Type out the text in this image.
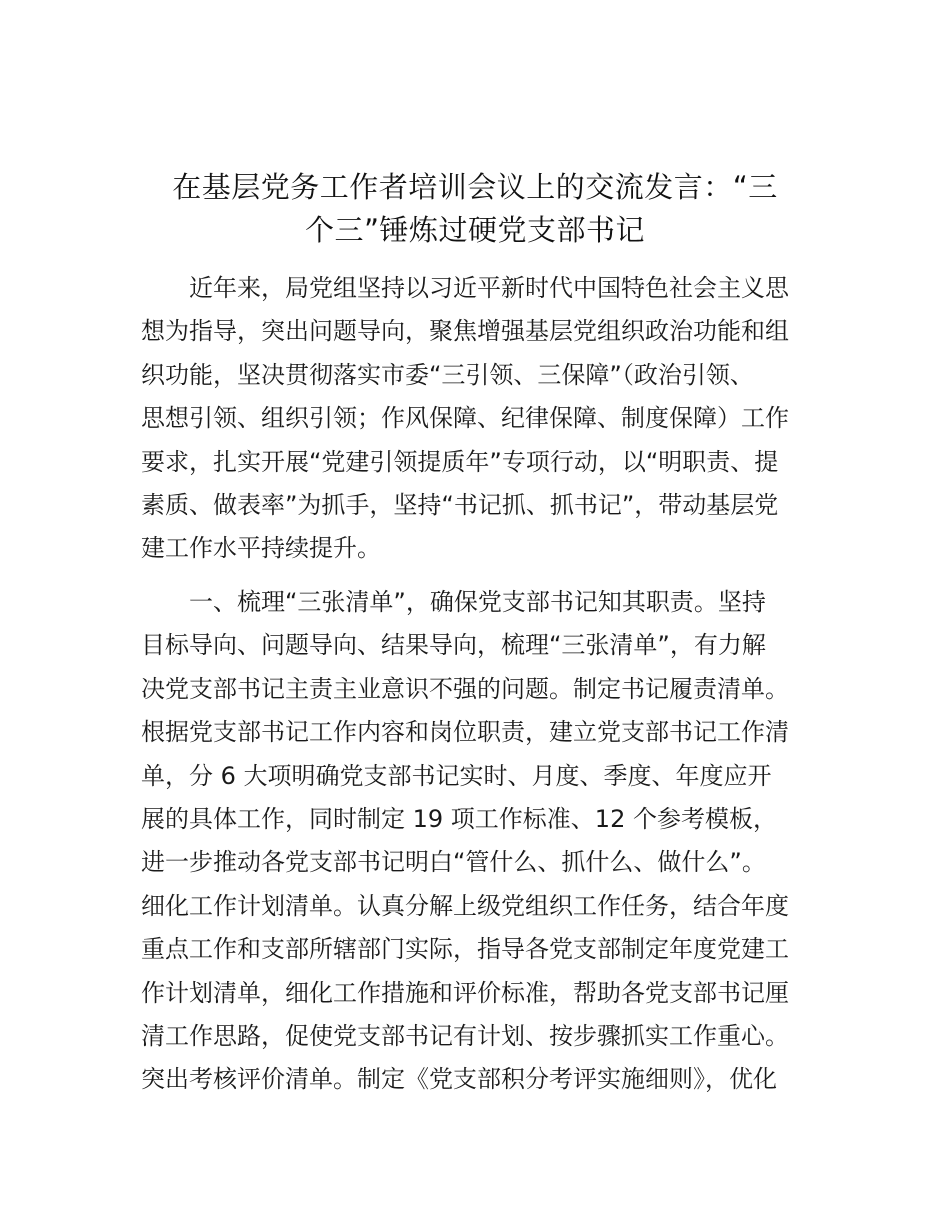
在基层党务工作者培训会议上的交流发言：“三
个三”锤炼过硬党支部书记
近年来，局党组坚持以习近平新时代中国特色社会主义思
想为指导，突出问题导向，聚焦增强基层党组织政治功能和组
织功能，坚决贯彻落实市委“三引领、三保障”（政治引领、
思想引领、组织引领；作风保障、纪律保障、制度保障）工作
要求，扎实开展“党建引领提质年”专项行动，以“明职责、提
素质、做表率”为抓手，坚持“书记抓、抓书记”，带动基层党
建工作水平持续提升。
一、梳理“三张清单”，确保党支部书记知其职责。坚持
目标导向、问题导向、结果导向，梳理“三张清单”，有力解
决党支部书记主责主业意识不强的问题。制定书记履责清单。
根据党支部书记工作内容和岗位职责，建立党支部书记工作清
单，分 6 大项明确党支部书记实时、月度、季度、年度应开
展的具体工作，同时制定 19 项工作标准、12 个参考模板，
进一步推动各党支部书记明白“管什么、抓什么、做什么”。
细化工作计划清单。认真分解上级党组织工作任务，结合年度
重点工作和支部所辖部门实际，指导各党支部制定年度党建工
作计划清单，细化工作措施和评价标准，帮助各党支部书记厘
清工作思路，促使党支部书记有计划、按步骤抓实工作重心。
突出考核评价清单。制定《党支部积分考评实施细则》，优化
